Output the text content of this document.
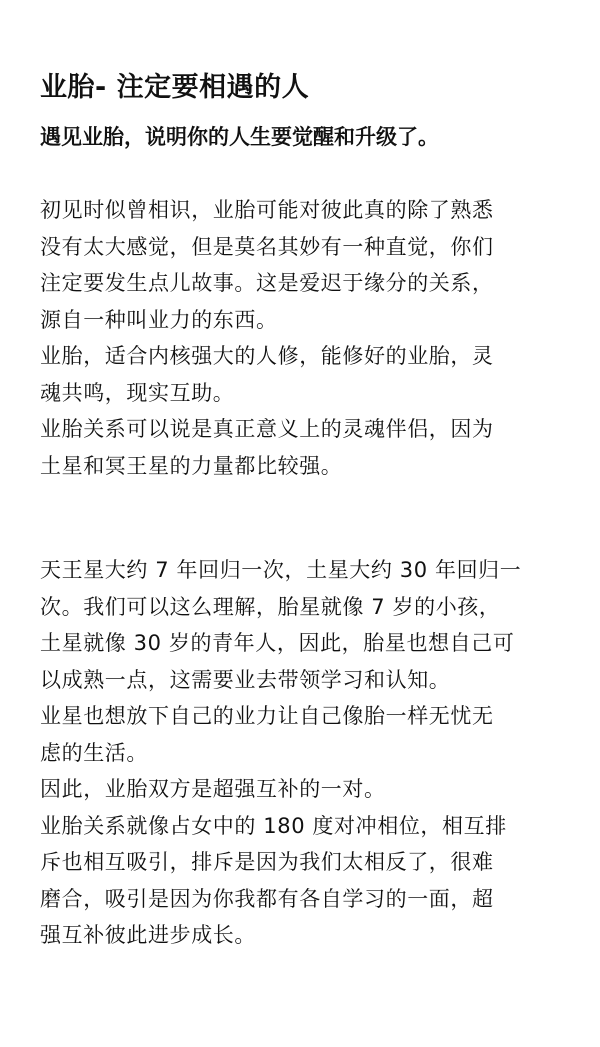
业胎- 注定要相遇的人
遇见业胎，说明你的人生要觉醒和升级了。

初见时似曾相识，业胎可能对彼此真的除了熟悉

没有太大感觉，但是莫名其妙有一种直觉，你们

注定要发生点儿故事。这是爱迟于缘分的关系，

源自一种叫业力的东西。

业胎，适合内核强大的人修，能修好的业胎，灵

魂共鸣，现实互助。

业胎关系可以说是真正意义上的灵魂伴侣，因为

土星和冥王星的力量都比较强。

天王星大约 7 年回归一次，土星大约 30 年回归一

次。我们可以这么理解，胎星就像 7 岁的小孩，

土星就像 30 岁的青年人，因此，胎星也想自己可

以成熟一点，这需要业去带领学习和认知。

业星也想放下自己的业力让自己像胎一样无忧无

虑的生活。

因此，业胎双方是超强互补的一对。

业胎关系就像占女中的 180 度对冲相位，相互排

斥也相互吸引，排斥是因为我们太相反了，很难

磨合，吸引是因为你我都有各自学习的一面，超

强互补彼此进步成长。
